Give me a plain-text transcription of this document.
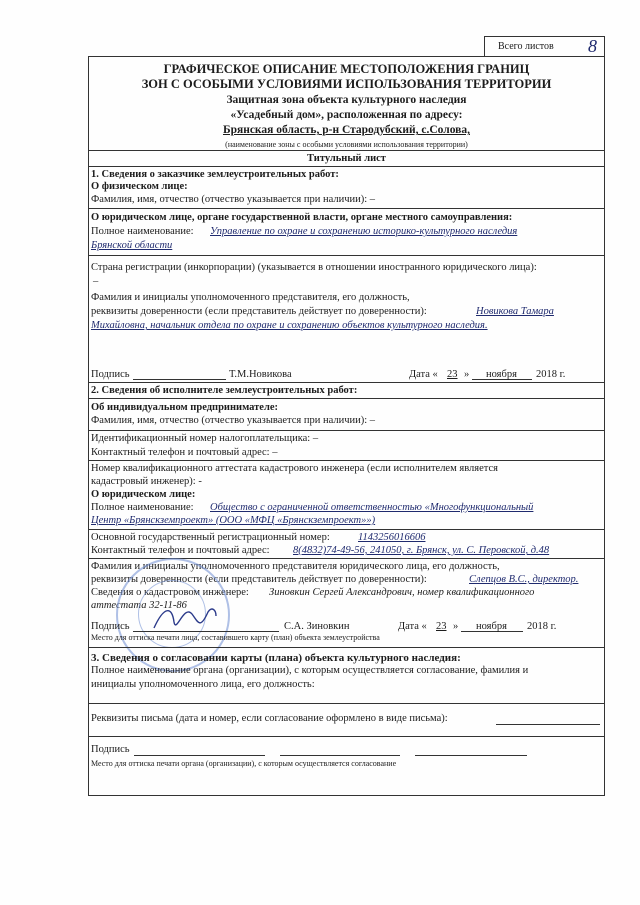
Всего листов 8
ГРАФИЧЕСКОЕ ОПИСАНИЕ МЕСТОПОЛОЖЕНИЯ ГРАНИЦ
ЗОН С ОСОБЫМИ УСЛОВИЯМИ ИСПОЛЬЗОВАНИЯ ТЕРРИТОРИИ
Защитная зона объекта культурного наследия
«Усадебный дом», расположенная по адресу:
Брянская область, р-н Стародубский, с.Солова,
(наименование зоны с особыми условиями использования территории)
Титульный лист
1. Сведения о заказчике землеустроительных работ:
О физическом лице:
Фамилия, имя, отчество (отчество указывается при наличии): –
О юридическом лице, органе государственной власти, органе местного самоуправления:
Полное наименование: Управление по охране и сохранению историко-культурного наследия
Брянской области
Страна регистрации (инкорпорации) (указывается в отношении иностранного юридического лица):
–
Фамилия и инициалы уполномоченного представителя, его должность,
реквизиты доверенности (если представитель действует по доверенности):	Новикова Тамара
Михайловна, начальник отдела по охране и сохранению объектов культурного наследия.
Подпись	Т.М.Новикова	Дата « 23 » ноября 2018 г.
2. Сведения об исполнителе землеустроительных работ:
Об индивидуальном предпринимателе:
Фамилия, имя, отчество (отчество указывается при наличии): –
Идентификационный номер налогоплательщика: –
Контактный телефон и почтовый адрес: –
Номер квалификационного аттестата кадастрового инженера (если исполнителем является
кадастровый инженер): -
О юридическом лице:
Полное наименование: Общество с ограниченной ответственностью «Многофункциональный
Центр «Брянскземпроект» (ООО «МФЦ «Брянскземпроект»»)
Основной государственный регистрационный номер:	1143256016606
Контактный телефон и почтовый адрес: 8(4832)74-49-56, 241050, г. Брянск, ул. С. Перовской, д.48
Фамилия и инициалы уполномоченного представителя юридического лица, его должность,
реквизиты доверенности (если представитель действует по доверенности):	Слепцов В.С., директор.
Сведения о кадастровом инженере: Зиновкин Сергей Александрович, номер квалификационного
аттестата 32-11-86
Подпись	С.А. Зиновкин	Дата « 23 » ноября 2018 г.
Место для оттиска печати лица, составившего карту (план) объекта землеустройства
3. Сведения о согласовании карты (плана) объекта культурного наследия:
Полное наименование органа (организации), с которым осуществляется согласование, фамилия и
инициалы уполномоченного лица, его должность:
Реквизиты письма (дата и номер, если согласование оформлено в виде письма):
Подпись
Место для оттиска печати органа (организации), с которым осуществляется согласование
